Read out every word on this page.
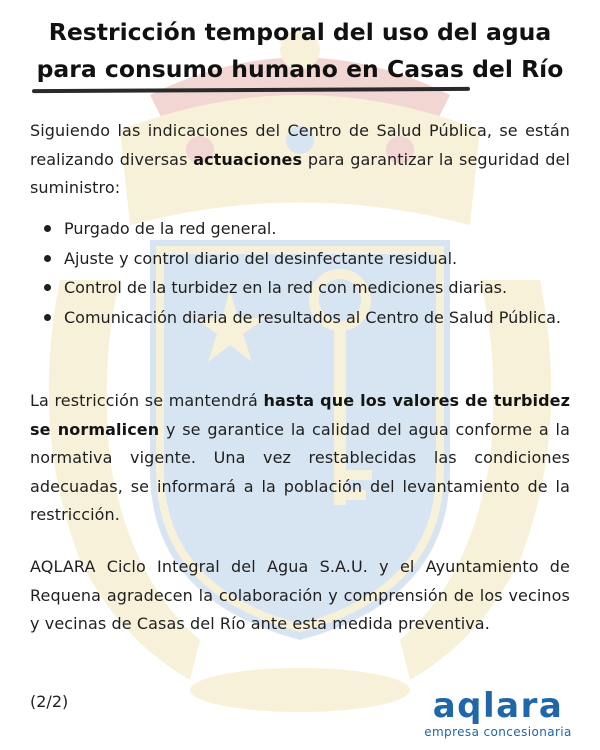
Restricción temporal del uso del agua para consumo humano en Casas del Río

Siguiendo las indicaciones del Centro de Salud Pública, se están realizando diversas actuaciones para garantizar la seguridad del suministro:

Purgado de la red general.
Ajuste y control diario del desinfectante residual.
Control de la turbidez en la red con mediciones diarias.
Comunicación diaria de resultados al Centro de Salud Pública.

La restricción se mantendrá hasta que los valores de turbidez se normalicen y se garantice la calidad del agua conforme a la normativa vigente. Una vez restablecidas las condiciones adecuadas, se informará a la población del levantamiento de la restricción.

AQLARA Ciclo Integral del Agua S.A.U. y el Ayuntamiento de Requena agradecen la colaboración y comprensión de los vecinos y vecinas de Casas del Río ante esta medida preventiva.

(2/2)	aqlara
empresa concesionaria
